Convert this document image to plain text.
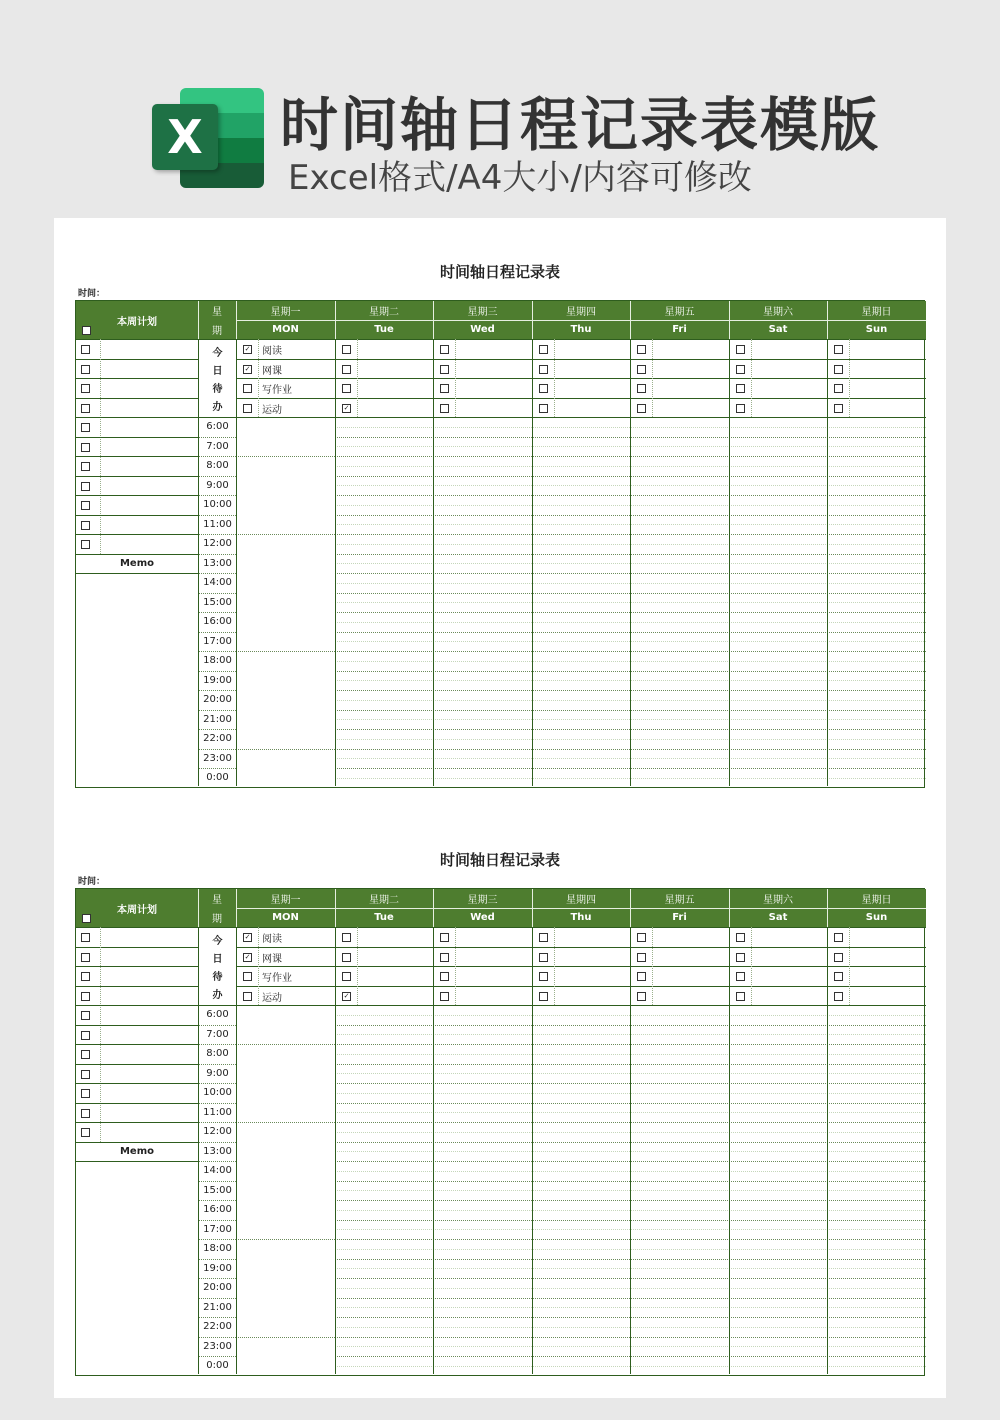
X 时间轴日程记录表模版
Excel格式/A4大小/内容可修改
时间轴日程记录表
时间：
本周计划
星
期
星期一
MON
星期二
Tue
星期三
Wed
星期四
Thu
星期五
Fri
星期六
Sat
星期日
Sun
✓
✓
✓
阅读
网课
写作业
运动
今
日
待
办
6:00
7:00
8:00
9:00
10:00
11:00
12:00
13:00
14:00
15:00
16:00
17:00
18:00
19:00
20:00
21:00
22:00
23:00
0:00
Memo
时间轴日程记录表
时间：
本周计划
星
期
星期一
MON
星期二
Tue
星期三
Wed
星期四
Thu
星期五
Fri
星期六
Sat
星期日
Sun
✓
✓
✓
阅读
网课
写作业
运动
今
日
待
办
6:00
7:00
8:00
9:00
10:00
11:00
12:00
13:00
14:00
15:00
16:00
17:00
18:00
19:00
20:00
21:00
22:00
23:00
0:00
Memo
